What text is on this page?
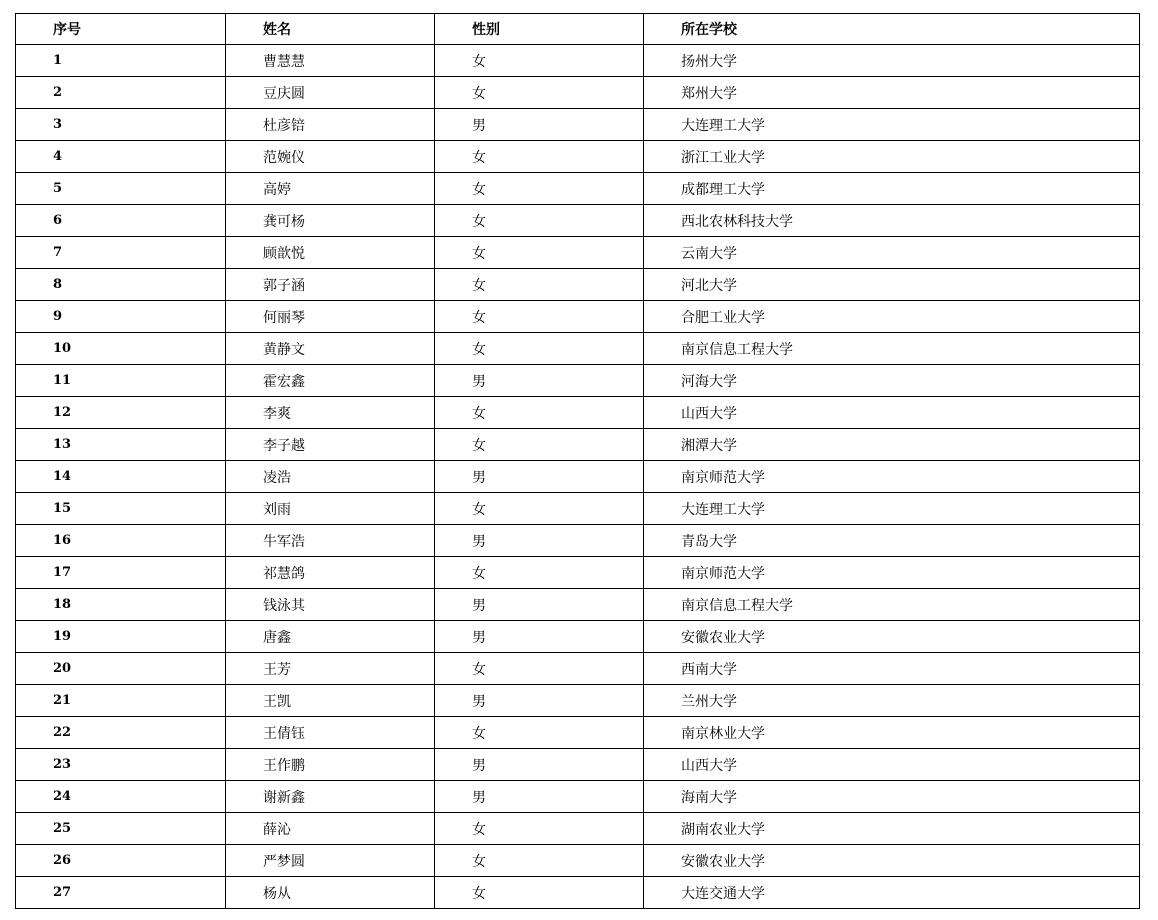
序号	姓名	性别	所在学校
1	曹慧慧	女	扬州大学
2	豆庆圆	女	郑州大学
3	杜彦锫	男	大连理工大学
4	范婉仪	女	浙江工业大学
5	高婷	女	成都理工大学
6	龚可杨	女	西北农林科技大学
7	顾歆悦	女	云南大学
8	郭子涵	女	河北大学
9	何丽琴	女	合肥工业大学
10	黄静文	女	南京信息工程大学
11	霍宏鑫	男	河海大学
12	李爽	女	山西大学
13	李子越	女	湘潭大学
14	凌浩	男	南京师范大学
15	刘雨	女	大连理工大学
16	牛军浩	男	青岛大学
17	祁慧鸽	女	南京师范大学
18	钱泳其	男	南京信息工程大学
19	唐鑫	男	安徽农业大学
20	王芳	女	西南大学
21	王凯	男	兰州大学
22	王倩钰	女	南京林业大学
23	王作鹏	男	山西大学
24	谢新鑫	男	海南大学
25	薛沁	女	湖南农业大学
26	严梦圆	女	安徽农业大学
27	杨从	女	大连交通大学
